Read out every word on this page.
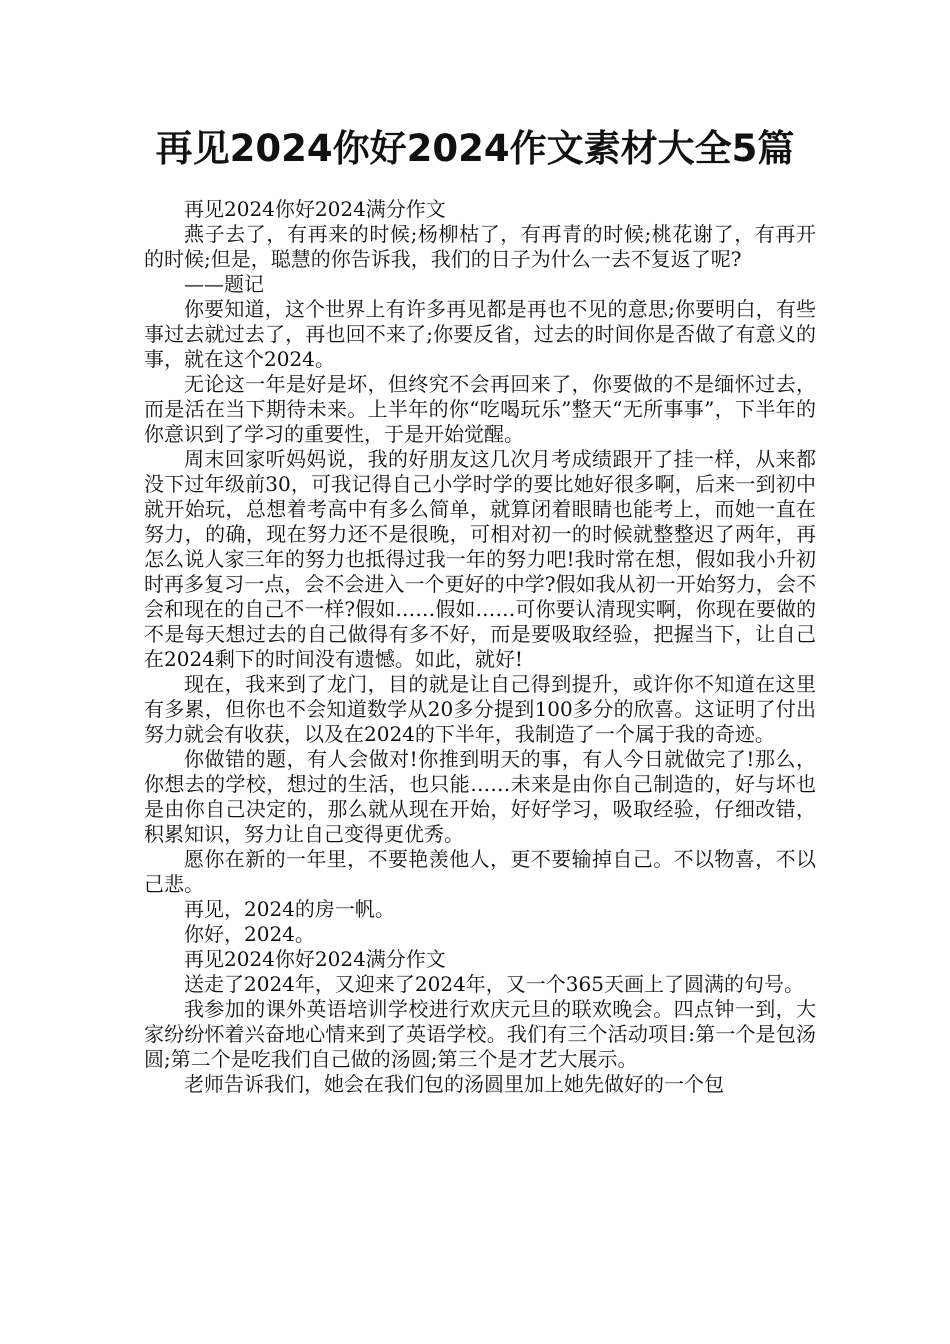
再见2024你好2024作文素材大全5篇

再见2024你好2024满分作文

燕子去了，有再来的时候;杨柳枯了，有再青的时候;桃花谢了，有再开的时候;但是，聪慧的你告诉我，我们的日子为什么一去不复返了呢?

——题记

你要知道，这个世界上有许多再见都是再也不见的意思;你要明白，有些事过去就过去了，再也回不来了;你要反省，过去的时间你是否做了有意义的事，就在这个2024。

无论这一年是好是坏，但终究不会再回来了，你要做的不是缅怀过去，而是活在当下期待未来。上半年的你“吃喝玩乐”整天“无所事事”，下半年的你意识到了学习的重要性，于是开始觉醒。

周末回家听妈妈说，我的好朋友这几次月考成绩跟开了挂一样，从来都没下过年级前30，可我记得自己小学时学的要比她好很多啊，后来一到初中就开始玩，总想着考高中有多么简单，就算闭着眼睛也能考上，而她一直在努力，的确，现在努力还不是很晚，可相对初一的时候就整整迟了两年，再怎么说人家三年的努力也抵得过我一年的努力吧!我时常在想，假如我小升初时再多复习一点，会不会进入一个更好的中学?假如我从初一开始努力，会不会和现在的自己不一样?假如……假如……可你要认清现实啊，你现在要做的不是每天想过去的自己做得有多不好，而是要吸取经验，把握当下，让自己在2024剩下的时间没有遗憾。如此，就好!

现在，我来到了龙门，目的就是让自己得到提升，或许你不知道在这里有多累，但你也不会知道数学从20多分提到100多分的欣喜。这证明了付出努力就会有收获，以及在2024的下半年，我制造了一个属于我的奇迹。

你做错的题，有人会做对!你推到明天的事，有人今日就做完了!那么，你想去的学校，想过的生活，也只能……未来是由你自己制造的，好与坏也是由你自己决定的，那么就从现在开始，好好学习，吸取经验，仔细改错，积累知识，努力让自己变得更优秀。

愿你在新的一年里，不要艳羡他人，更不要输掉自己。不以物喜，不以己悲。

再见，2024的房一帆。

你好，2024。

再见2024你好2024满分作文

送走了2024年，又迎来了2024年，又一个365天画上了圆满的句号。

我参加的课外英语培训学校进行欢庆元旦的联欢晚会。四点钟一到，大家纷纷怀着兴奋地心情来到了英语学校。我们有三个活动项目:第一个是包汤圆;第二个是吃我们自己做的汤圆;第三个是才艺大展示。

老师告诉我们，她会在我们包的汤圆里加上她先做好的一个包
